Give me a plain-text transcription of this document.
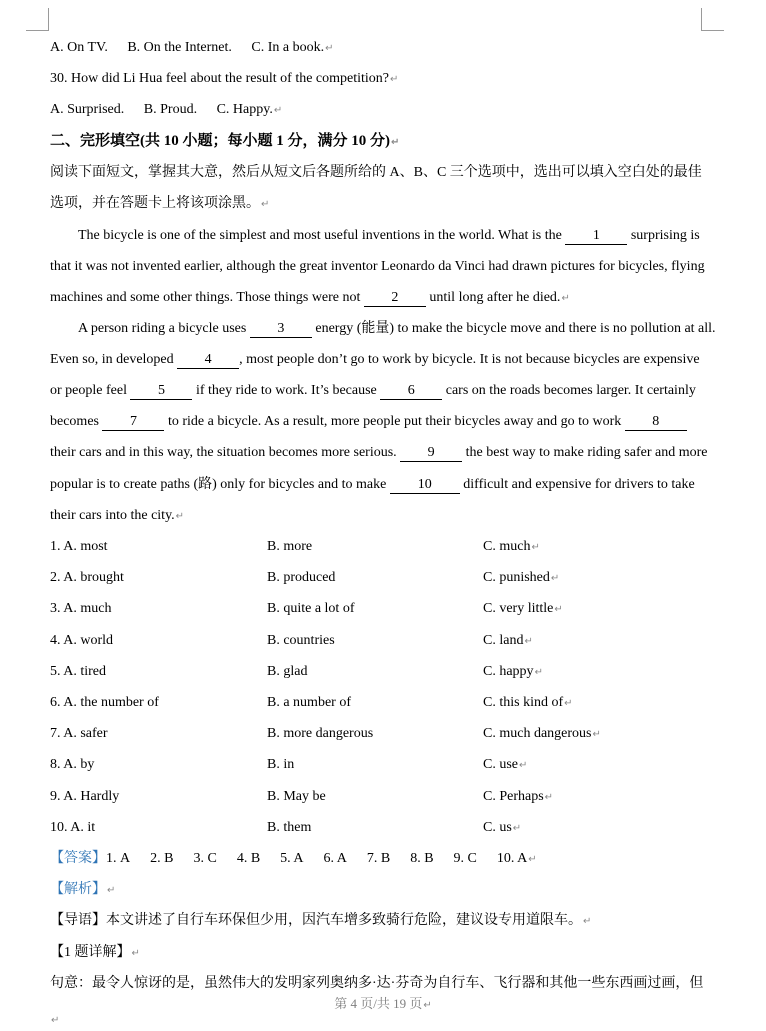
A. On TV. B. On the Internet. C. In a book.↵
30. How did Li Hua feel about the result of the competition?↵
A. Surprised. B. Proud. C. Happy.↵
二、完形填空(共 10 小题；每小题 1 分，满分 10 分)↵
阅读下面短文，掌握其大意，然后从短文后各题所给的 A、B、C 三个选项中，选出可以填入空白处的最佳
选项，并在答题卡上将该项涂黑。↵
The bicycle is one of the simplest and most useful inventions in the world. What is the 1 surprising is
that it was not invented earlier, although the great inventor Leonardo da Vinci had drawn pictures for bicycles, flying
machines and some other things. Those things were not 2 until long after he died.↵
A person riding a bicycle uses 3 energy (能量) to make the bicycle move and there is no pollution at all.
Even so, in developed 4 , most people don’t go to work by bicycle. It is not because bicycles are expensive
or people feel 5 if they ride to work. It’s because 6 cars on the roads becomes larger. It certainly
becomes 7 to ride a bicycle. As a result, more people put their bicycles away and go to work 8
their cars and in this way, the situation becomes more serious. 9 the best way to make riding safer and more
popular is to create paths (路) only for bicycles and to make 10 difficult and expensive for drivers to take
their cars into the city.↵
1. A. most	B. more	C. much↵
2. A. brought	B. produced	C. punished↵
3. A. much	B. quite a lot of	C. very little↵
4. A. world	B. countries	C. land↵
5. A. tired	B. glad	C. happy↵
6. A. the number of	B. a number of	C. this kind of↵
7. A. safer	B. more dangerous	C. much dangerous↵
8. A. by	B. in	C. use↵
9. A. Hardly	B. May be	C. Perhaps↵
10. A. it	B. them	C. us↵
【答案】1. A 2. B 3. C 4. B 5. A 6. A 7. B 8. B 9. C 10. A↵
【解析】↵
【导语】本文讲述了自行车环保但少用，因汽车增多致骑行危险，建议设专用道限车。↵
【1 题详解】↵
句意：最令人惊讶的是，虽然伟大的发明家列奥纳多·达·芬奇为自行车、飞行器和其他一些东西画过画，但
第 4 页/共 19 页↵
↵
